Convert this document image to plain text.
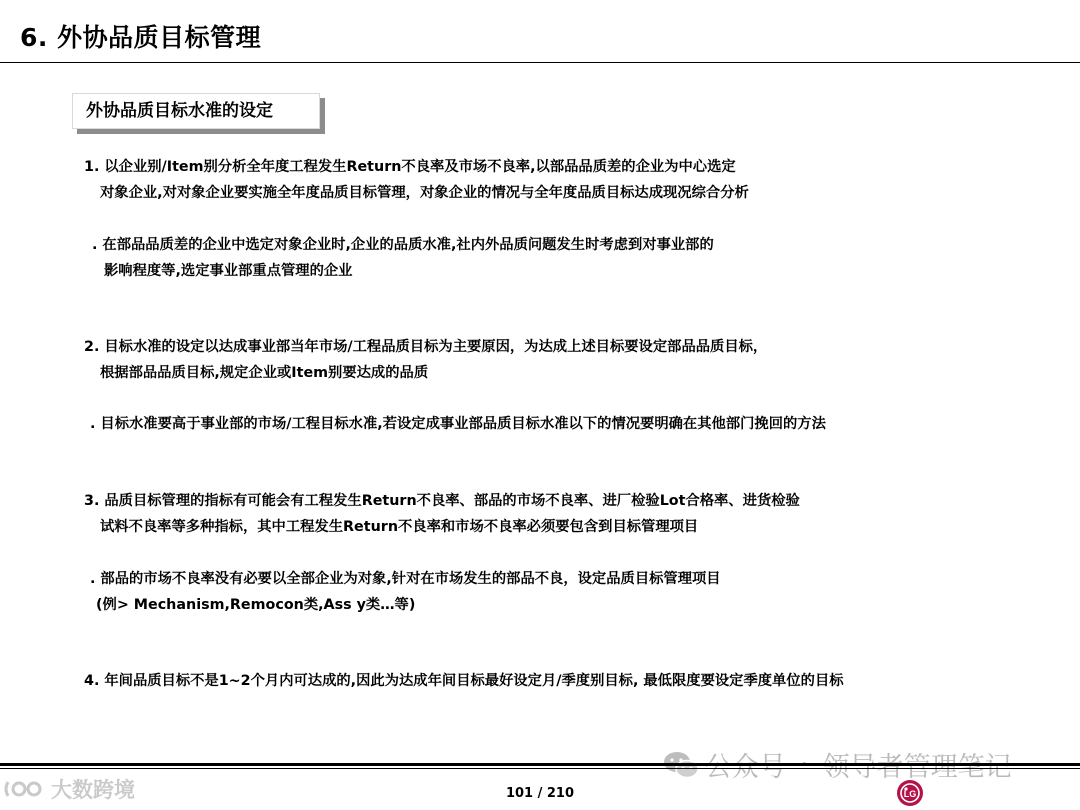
6. 外协品质目标管理
外协品质目标水准的设定
1. 以企业别/Item别分析全年度工程发生Return不良率及市场不良率,以部品品质差的企业为中心选定
对象企业,对对象企业要实施全年度品质目标管理，对象企业的情况与全年度品质目标达成现况综合分析
. 在部品品质差的企业中选定对象企业时,企业的品质水准,社内外品质问题发生时考虑到对事业部的
影响程度等,选定事业部重点管理的企业
2. 目标水准的设定以达成事业部当年市场/工程品质目标为主要原因，为达成上述目标要设定部品品质目标，
根据部品品质目标,规定企业或Item别要达成的品质
. 目标水准要高于事业部的市场/工程目标水准,若设定成事业部品质目标水准以下的情况要明确在其他部门挽回的方法
3. 品质目标管理的指标有可能会有工程发生Return不良率、部品的市场不良率、进厂检验Lot合格率、进货检验
试料不良率等多种指标，其中工程发生Return不良率和市场不良率必须要包含到目标管理项目
. 部品的市场不良率没有必要以全部企业为对象,针对在市场发生的部品不良，设定品质目标管理项目
(例> Mechanism,Remocon类,Ass y类…等)
4. 年间品质目标不是1~2个月内可达成的,因此为达成年间目标最好设定月/季度别目标, 最低限度要设定季度单位的目标
大数跨境	101 / 210	LG
